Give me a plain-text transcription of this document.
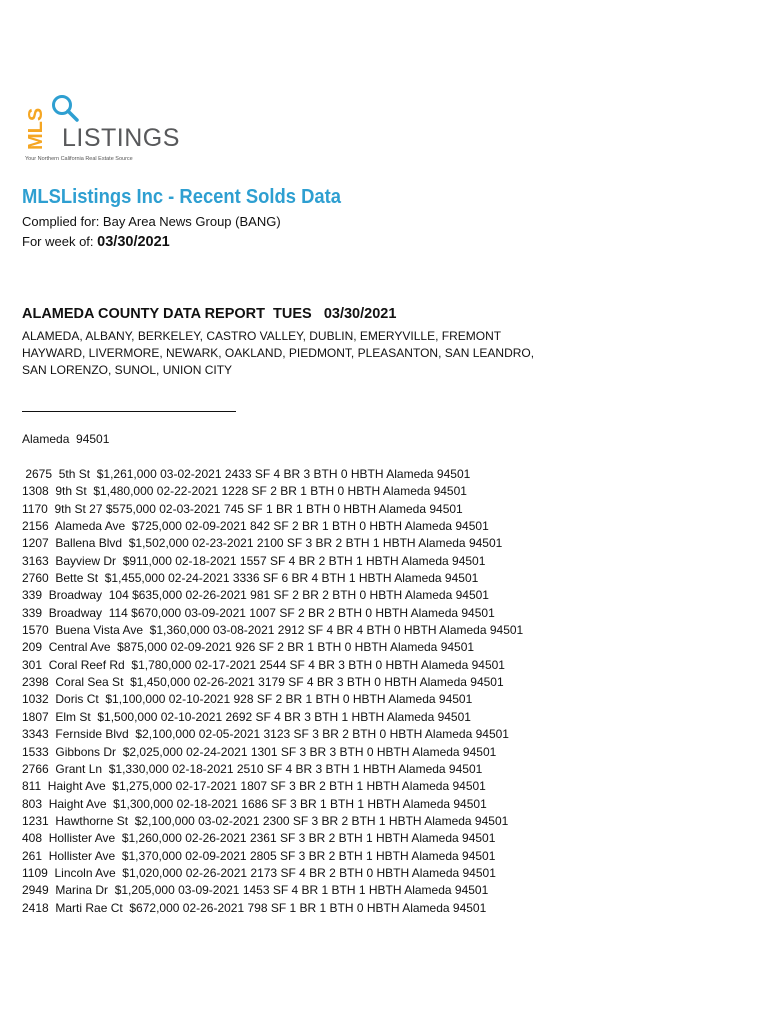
MLS LISTINGS
Your Northern California Real Estate Source
MLSListings Inc - Recent Solds Data
Complied for: Bay Area News Group (BANG)
For week of: 03/30/2021
ALAMEDA COUNTY DATA REPORT  TUES   03/30/2021
ALAMEDA, ALBANY, BERKELEY, CASTRO VALLEY, DUBLIN, EMERYVILLE, FREMONT
HAYWARD, LIVERMORE, NEWARK, OAKLAND, PIEDMONT, PLEASANTON, SAN LEANDRO,
SAN LORENZO, SUNOL, UNION CITY
Alameda  94501
2675  5th St  $1,261,000 03-02-2021 2433 SF 4 BR 3 BTH 0 HBTH Alameda 94501
1308  9th St  $1,480,000 02-22-2021 1228 SF 2 BR 1 BTH 0 HBTH Alameda 94501
1170  9th St 27 $575,000 02-03-2021 745 SF 1 BR 1 BTH 0 HBTH Alameda 94501
2156  Alameda Ave  $725,000 02-09-2021 842 SF 2 BR 1 BTH 0 HBTH Alameda 94501
1207  Ballena Blvd  $1,502,000 02-23-2021 2100 SF 3 BR 2 BTH 1 HBTH Alameda 94501
3163  Bayview Dr  $911,000 02-18-2021 1557 SF 4 BR 2 BTH 1 HBTH Alameda 94501
2760  Bette St  $1,455,000 02-24-2021 3336 SF 6 BR 4 BTH 1 HBTH Alameda 94501
339  Broadway  104 $635,000 02-26-2021 981 SF 2 BR 2 BTH 0 HBTH Alameda 94501
339  Broadway  114 $670,000 03-09-2021 1007 SF 2 BR 2 BTH 0 HBTH Alameda 94501
1570  Buena Vista Ave  $1,360,000 03-08-2021 2912 SF 4 BR 4 BTH 0 HBTH Alameda 94501
209  Central Ave  $875,000 02-09-2021 926 SF 2 BR 1 BTH 0 HBTH Alameda 94501
301  Coral Reef Rd  $1,780,000 02-17-2021 2544 SF 4 BR 3 BTH 0 HBTH Alameda 94501
2398  Coral Sea St  $1,450,000 02-26-2021 3179 SF 4 BR 3 BTH 0 HBTH Alameda 94501
1032  Doris Ct  $1,100,000 02-10-2021 928 SF 2 BR 1 BTH 0 HBTH Alameda 94501
1807  Elm St  $1,500,000 02-10-2021 2692 SF 4 BR 3 BTH 1 HBTH Alameda 94501
3343  Fernside Blvd  $2,100,000 02-05-2021 3123 SF 3 BR 2 BTH 0 HBTH Alameda 94501
1533  Gibbons Dr  $2,025,000 02-24-2021 1301 SF 3 BR 3 BTH 0 HBTH Alameda 94501
2766  Grant Ln  $1,330,000 02-18-2021 2510 SF 4 BR 3 BTH 1 HBTH Alameda 94501
811  Haight Ave  $1,275,000 02-17-2021 1807 SF 3 BR 2 BTH 1 HBTH Alameda 94501
803  Haight Ave  $1,300,000 02-18-2021 1686 SF 3 BR 1 BTH 1 HBTH Alameda 94501
1231  Hawthorne St  $2,100,000 03-02-2021 2300 SF 3 BR 2 BTH 1 HBTH Alameda 94501
408  Hollister Ave  $1,260,000 02-26-2021 2361 SF 3 BR 2 BTH 1 HBTH Alameda 94501
261  Hollister Ave  $1,370,000 02-09-2021 2805 SF 3 BR 2 BTH 1 HBTH Alameda 94501
1109  Lincoln Ave  $1,020,000 02-26-2021 2173 SF 4 BR 2 BTH 0 HBTH Alameda 94501
2949  Marina Dr  $1,205,000 03-09-2021 1453 SF 4 BR 1 BTH 1 HBTH Alameda 94501
2418  Marti Rae Ct  $672,000 02-26-2021 798 SF 1 BR 1 BTH 0 HBTH Alameda 94501
